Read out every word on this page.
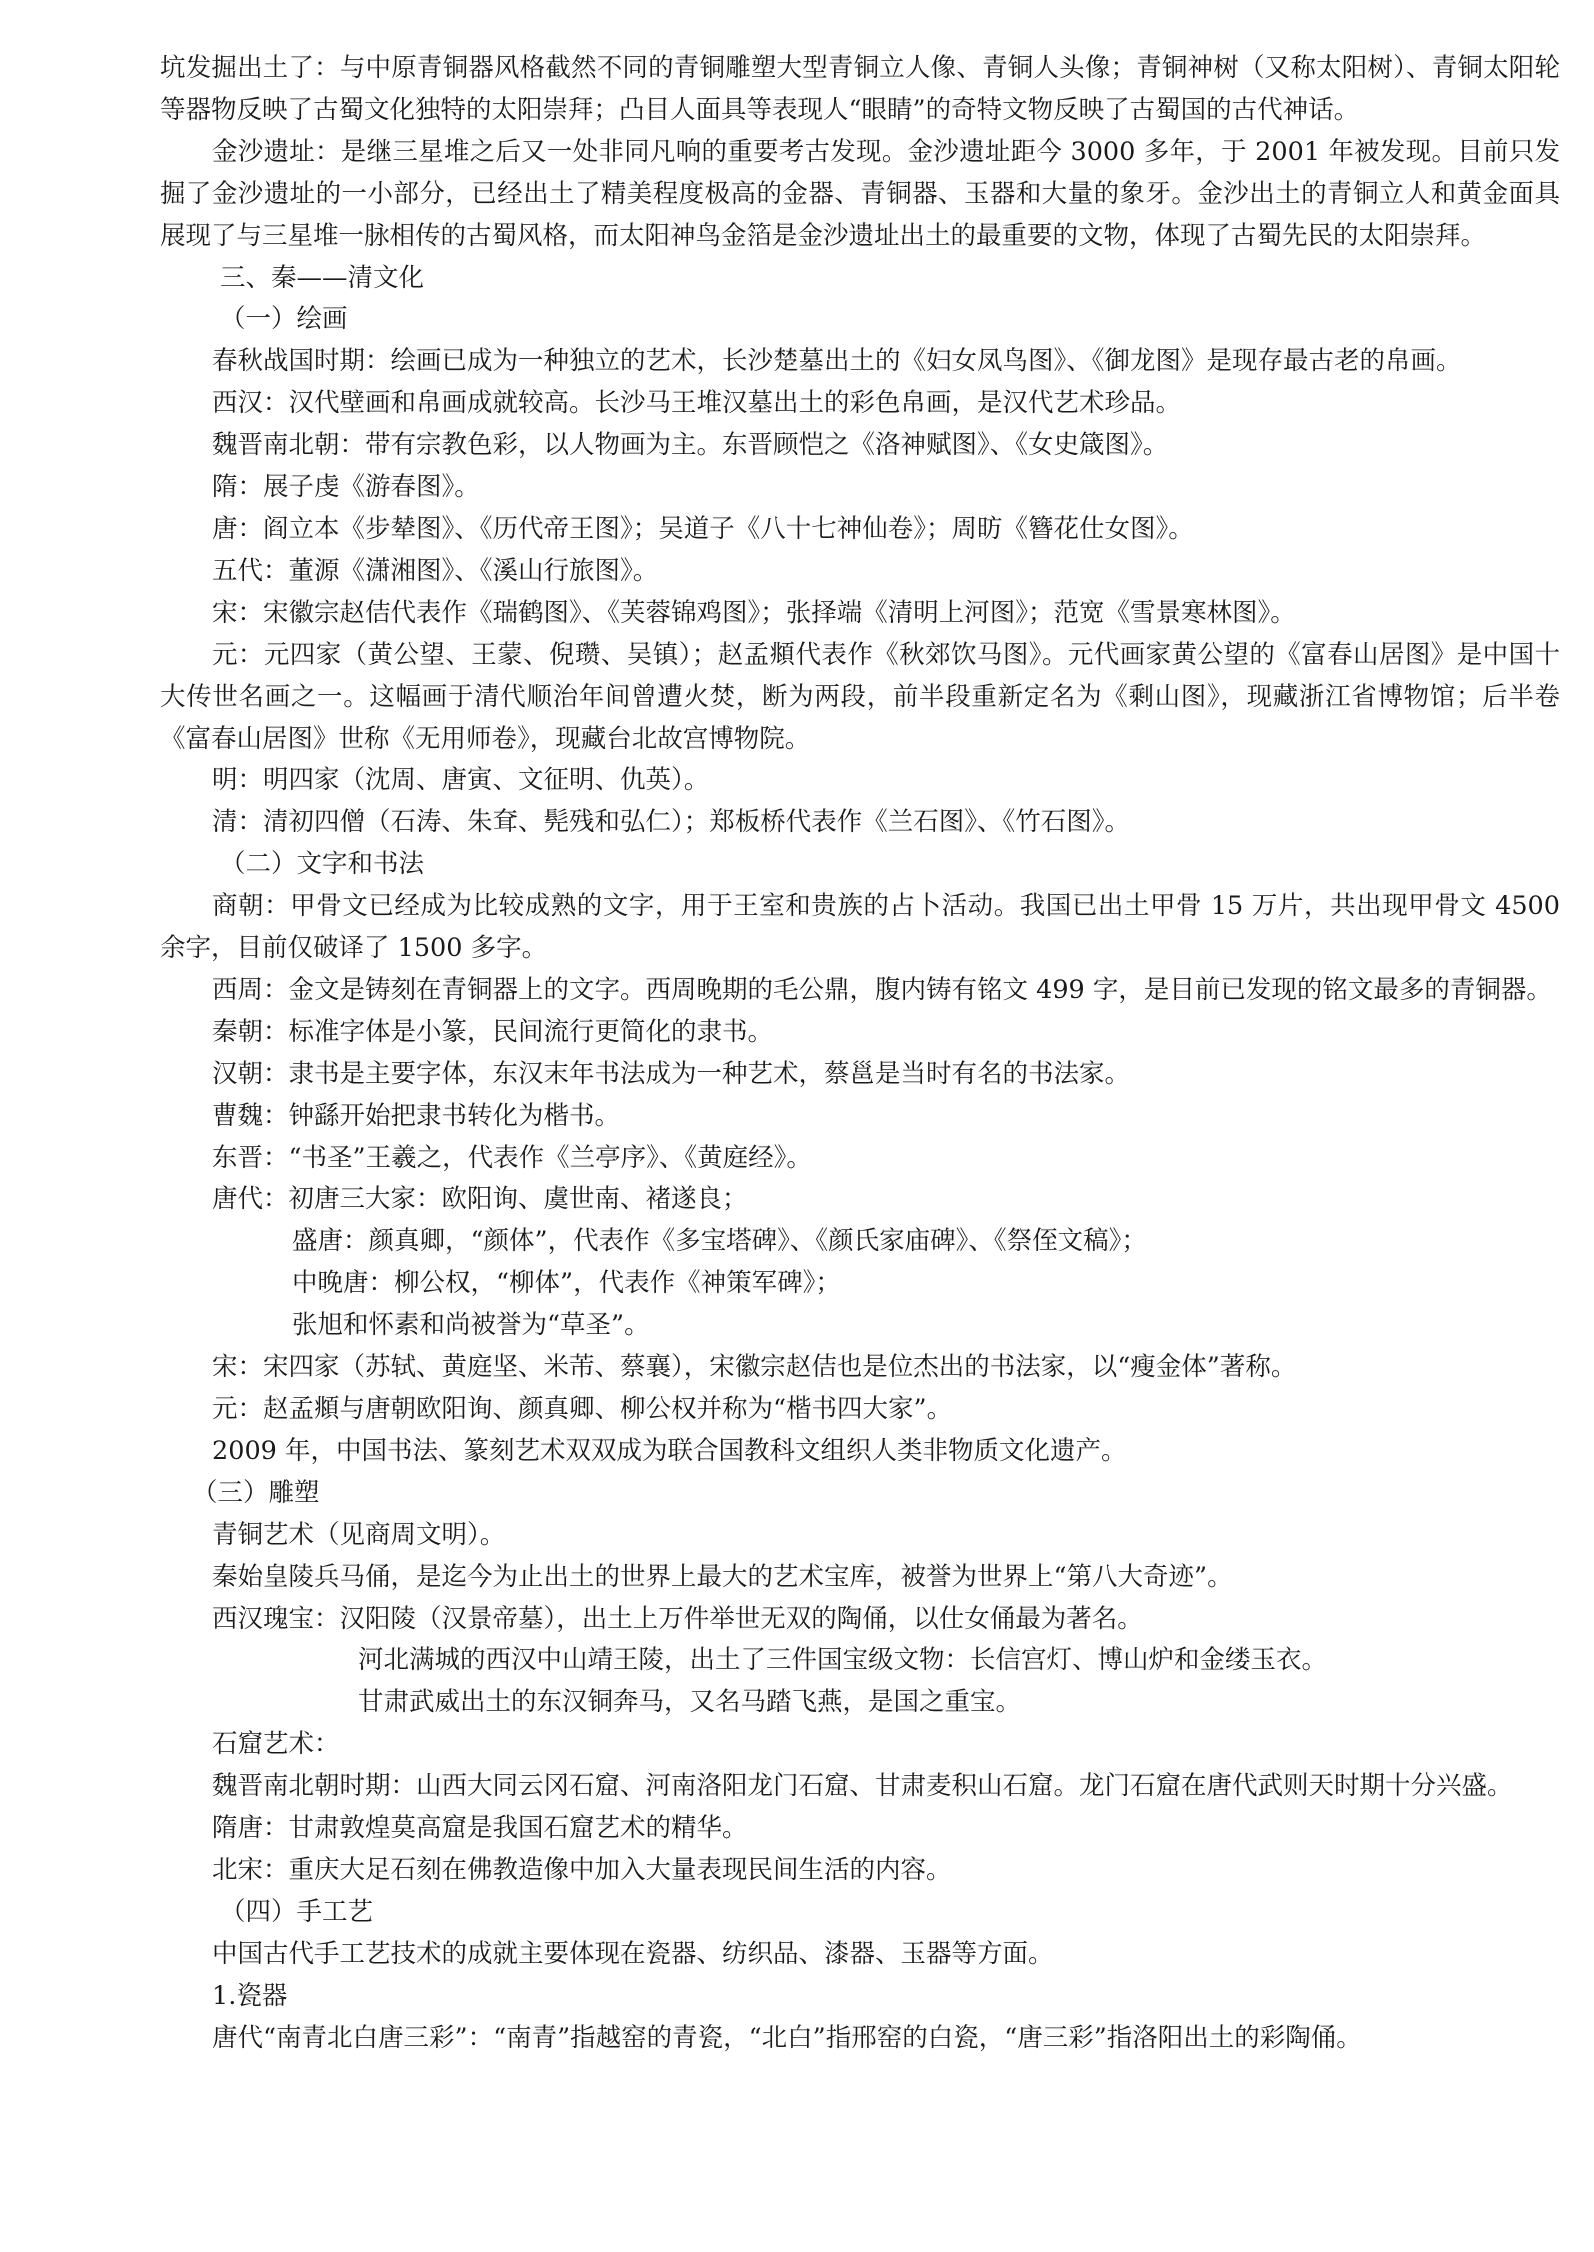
坑发掘出土了：与中原青铜器风格截然不同的青铜雕塑大型青铜立人像、青铜人头像；青铜神树（又称太阳树）、青铜太阳轮等器物反映了古蜀文化独特的太阳崇拜；凸目人面具等表现人“眼睛”的奇特文物反映了古蜀国的古代神话。

金沙遗址：是继三星堆之后又一处非同凡响的重要考古发现。金沙遗址距今 3000 多年，于 2001 年被发现。目前只发掘了金沙遗址的一小部分，已经出土了精美程度极高的金器、青铜器、玉器和大量的象牙。金沙出土的青铜立人和黄金面具展现了与三星堆一脉相传的古蜀风格，而太阳神鸟金箔是金沙遗址出土的最重要的文物，体现了古蜀先民的太阳崇拜。

三、秦——清文化

（一）绘画

春秋战国时期：绘画已成为一种独立的艺术，长沙楚墓出土的《妇女凤鸟图》、《御龙图》是现存最古老的帛画。

西汉：汉代壁画和帛画成就较高。长沙马王堆汉墓出土的彩色帛画，是汉代艺术珍品。

魏晋南北朝：带有宗教色彩，以人物画为主。东晋顾恺之《洛神赋图》、《女史箴图》。

隋：展子虔《游春图》。

唐：阎立本《步辇图》、《历代帝王图》；吴道子《八十七神仙卷》；周昉《簪花仕女图》。

五代：董源《潇湘图》、《溪山行旅图》。

宋：宋徽宗赵佶代表作《瑞鹤图》、《芙蓉锦鸡图》；张择端《清明上河图》；范宽《雪景寒林图》。

元：元四家（黄公望、王蒙、倪瓒、吴镇）；赵孟頫代表作《秋郊饮马图》。元代画家黄公望的《富春山居图》是中国十大传世名画之一。这幅画于清代顺治年间曾遭火焚，断为两段，前半段重新定名为《剩山图》，现藏浙江省博物馆；后半卷《富春山居图》世称《无用师卷》，现藏台北故宫博物院。

明：明四家（沈周、唐寅、文征明、仇英）。

清：清初四僧（石涛、朱耷、髡残和弘仁）；郑板桥代表作《兰石图》、《竹石图》。

（二）文字和书法

商朝：甲骨文已经成为比较成熟的文字，用于王室和贵族的占卜活动。我国已出土甲骨 15 万片，共出现甲骨文 4500 余字，目前仅破译了 1500 多字。

西周：金文是铸刻在青铜器上的文字。西周晚期的毛公鼎，腹内铸有铭文 499 字，是目前已发现的铭文最多的青铜器。

秦朝：标准字体是小篆，民间流行更简化的隶书。

汉朝：隶书是主要字体，东汉末年书法成为一种艺术，蔡邕是当时有名的书法家。

曹魏：钟繇开始把隶书转化为楷书。

东晋：“书圣”王羲之，代表作《兰亭序》、《黄庭经》。

唐代：初唐三大家：欧阳询、虞世南、褚遂良；

盛唐：颜真卿，“颜体”，代表作《多宝塔碑》、《颜氏家庙碑》、《祭侄文稿》；

中晚唐：柳公权，“柳体”，代表作《神策军碑》；

张旭和怀素和尚被誉为“草圣”。

宋：宋四家（苏轼、黄庭坚、米芾、蔡襄），宋徽宗赵佶也是位杰出的书法家，以“瘦金体”著称。

元：赵孟頫与唐朝欧阳询、颜真卿、柳公权并称为“楷书四大家”。

2009 年，中国书法、篆刻艺术双双成为联合国教科文组织人类非物质文化遗产。

（三）雕塑

青铜艺术（见商周文明）。

秦始皇陵兵马俑，是迄今为止出土的世界上最大的艺术宝库，被誉为世界上“第八大奇迹”。

西汉瑰宝：汉阳陵（汉景帝墓），出土上万件举世无双的陶俑，以仕女俑最为著名。

河北满城的西汉中山靖王陵，出土了三件国宝级文物：长信宫灯、博山炉和金缕玉衣。

甘肃武威出土的东汉铜奔马，又名马踏飞燕，是国之重宝。

石窟艺术：

魏晋南北朝时期：山西大同云冈石窟、河南洛阳龙门石窟、甘肃麦积山石窟。龙门石窟在唐代武则天时期十分兴盛。

隋唐：甘肃敦煌莫高窟是我国石窟艺术的精华。

北宋：重庆大足石刻在佛教造像中加入大量表现民间生活的内容。

（四）手工艺

中国古代手工艺技术的成就主要体现在瓷器、纺织品、漆器、玉器等方面。

1.瓷器

唐代“南青北白唐三彩”：“南青”指越窑的青瓷，“北白”指邢窑的白瓷，“唐三彩”指洛阳出土的彩陶俑。
